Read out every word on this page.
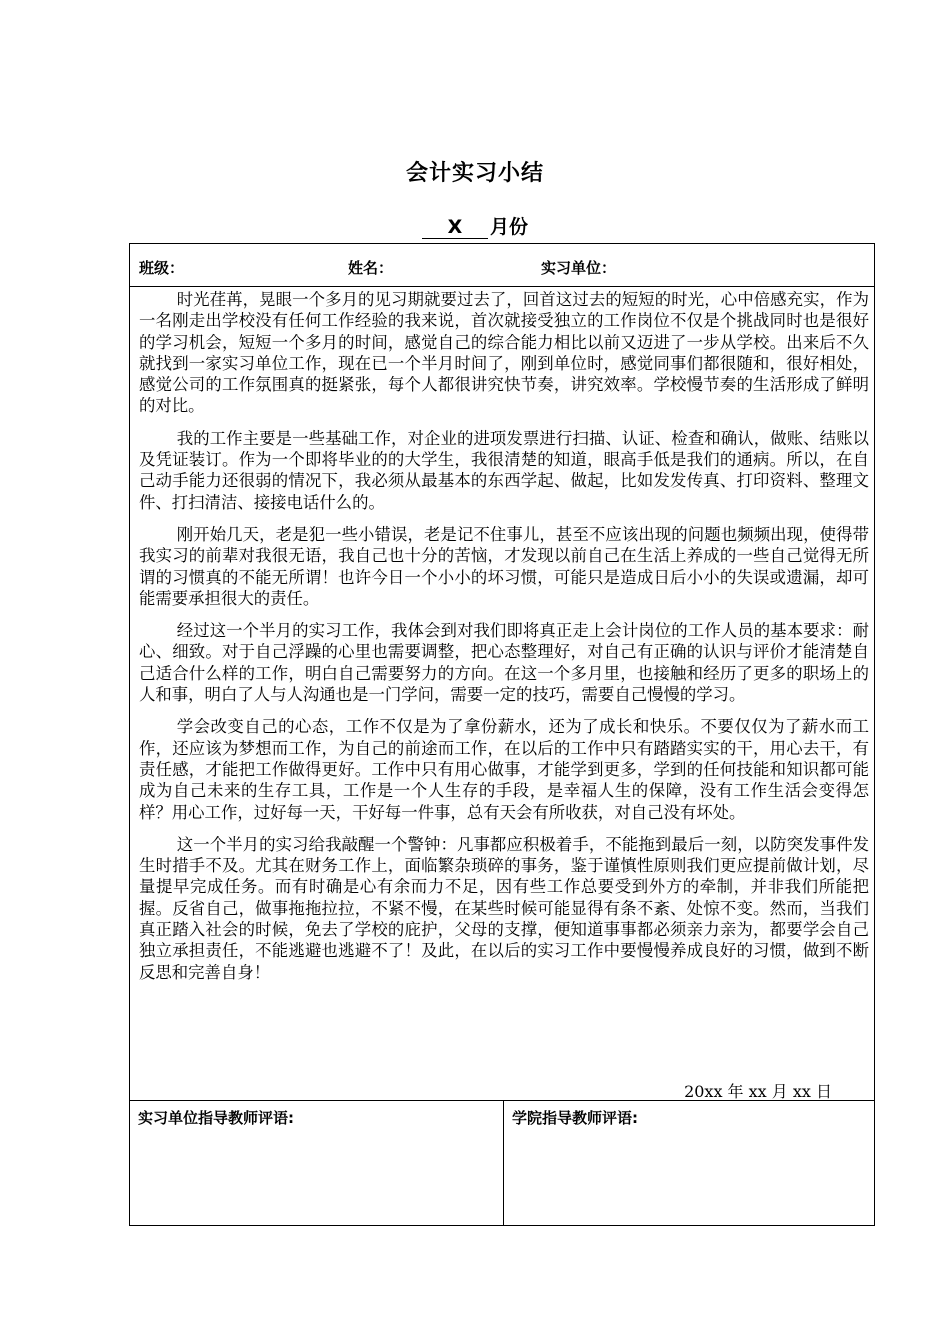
会计实习小结
X 月份
班级：	姓名：	实习单位：

时光荏苒，晃眼一个多月的见习期就要过去了，回首这过去的短短的时光，心中倍感充实，作为一名刚走出学校没有任何工作经验的我来说，首次就接受独立的工作岗位不仅是个挑战同时也是很好的学习机会，短短一个多月的时间，感觉自己的综合能力相比以前又迈进了一步从学校。出来后不久就找到一家实习单位工作，现在已一个半月时间了，刚到单位时，感觉同事们都很随和，很好相处，感觉公司的工作氛围真的挺紧张，每个人都很讲究快节奏，讲究效率。学校慢节奏的生活形成了鲜明的对比。

我的工作主要是一些基础工作，对企业的进项发票进行扫描、认证、检查和确认，做账、结账以及凭证装订。作为一个即将毕业的的大学生，我很清楚的知道，眼高手低是我们的通病。所以，在自己动手能力还很弱的情况下，我必须从最基本的东西学起、做起，比如发发传真、打印资料、整理文件、打扫清洁、接接电话什么的。

刚开始几天，老是犯一些小错误，老是记不住事儿，甚至不应该出现的问题也频频出现，使得带我实习的前辈对我很无语，我自己也十分的苦恼，才发现以前自己在生活上养成的一些自己觉得无所谓的习惯真的不能无所谓！也许今日一个小小的坏习惯，可能只是造成日后小小的失误或遗漏，却可能需要承担很大的责任。

经过这一个半月的实习工作，我体会到对我们即将真正走上会计岗位的工作人员的基本要求：耐心、细致。对于自己浮躁的心里也需要调整，把心态整理好，对自己有正确的认识与评价才能清楚自己适合什么样的工作，明白自己需要努力的方向。在这一个多月里，也接触和经历了更多的职场上的人和事，明白了人与人沟通也是一门学问，需要一定的技巧，需要自己慢慢的学习。

学会改变自己的心态，工作不仅是为了拿份薪水，还为了成长和快乐。不要仅仅为了薪水而工作，还应该为梦想而工作，为自己的前途而工作，在以后的工作中只有踏踏实实的干，用心去干，有责任感，才能把工作做得更好。工作中只有用心做事，才能学到更多，学到的任何技能和知识都可能成为自己未来的生存工具，工作是一个人生存的手段，是幸福人生的保障，没有工作生活会变得怎样？用心工作，过好每一天，干好每一件事，总有天会有所收获，对自己没有坏处。

这一个半月的实习给我敲醒一个警钟：凡事都应积极着手，不能拖到最后一刻，以防突发事件发生时措手不及。尤其在财务工作上，面临繁杂琐碎的事务，鉴于谨慎性原则我们更应提前做计划，尽量提早完成任务。而有时确是心有余而力不足，因有些工作总要受到外方的牵制，并非我们所能把握。反省自己，做事拖拖拉拉，不紧不慢，在某些时候可能显得有条不紊、处惊不变。然而，当我们真正踏入社会的时候，免去了学校的庇护，父母的支撑，便知道事事都必须亲力亲为，都要学会自己独立承担责任，不能逃避也逃避不了！及此，在以后的实习工作中要慢慢养成良好的习惯，做到不断反思和完善自身！

20xx 年 xx 月 xx 日
实习单位指导教师评语:	学院指导教师评语:
